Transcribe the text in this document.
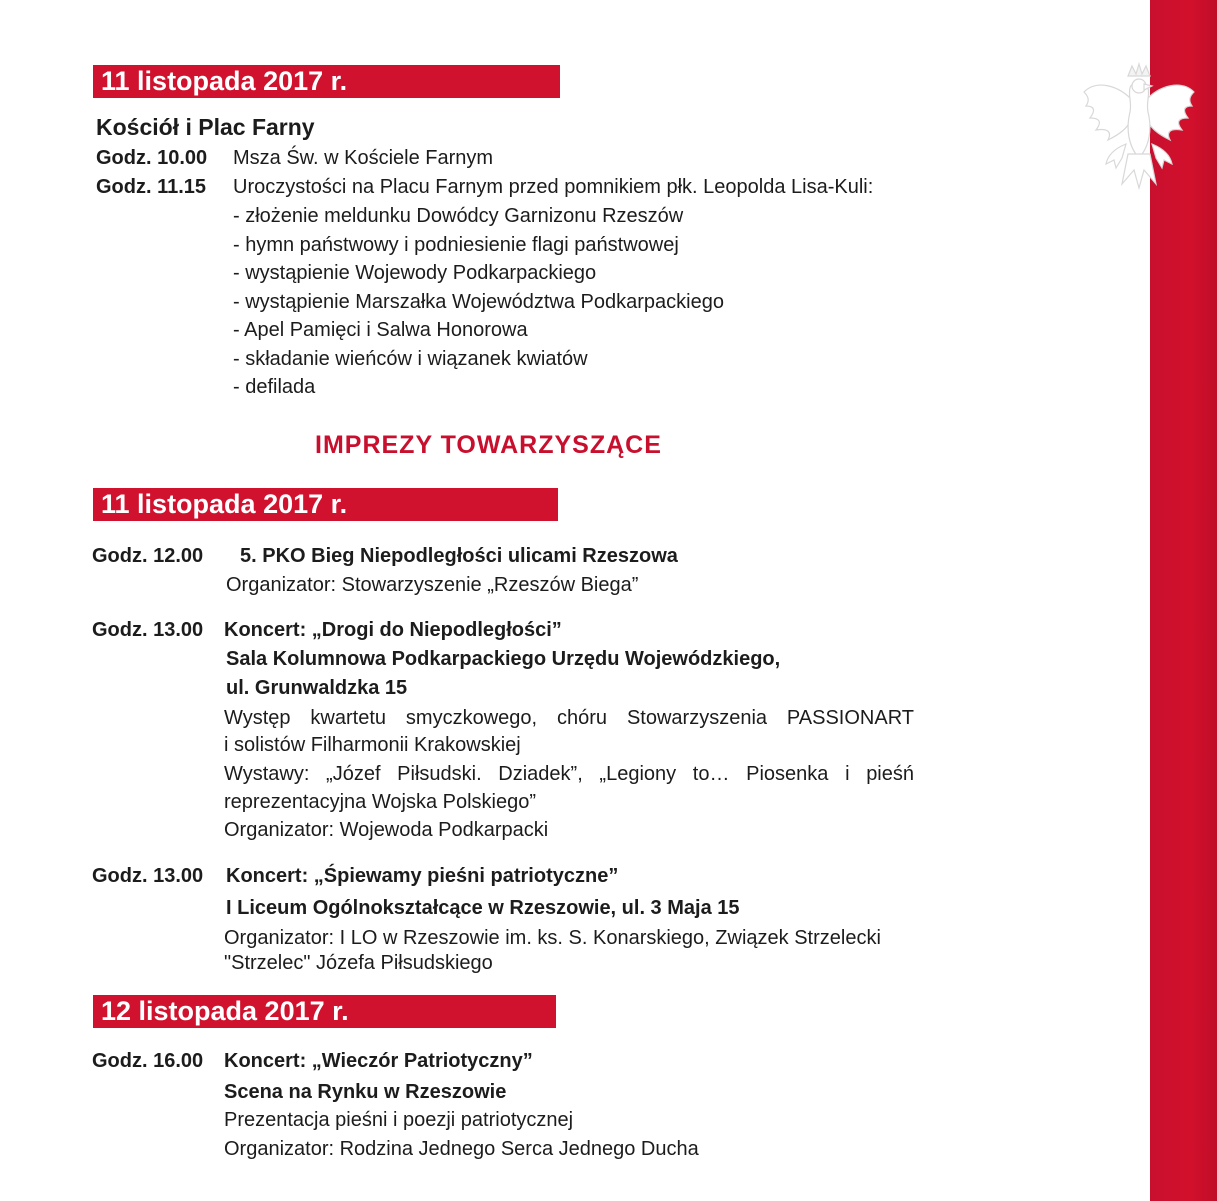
11 listopada 2017 r.
Kościół i Plac Farny
Godz. 10.00 Msza Św. w Kościele Farnym
Godz. 11.15 Uroczystości na Placu Farnym przed pomnikiem płk. Leopolda Lisa-Kuli:
- złożenie meldunku Dowódcy Garnizonu Rzeszów
- hymn państwowy i podniesienie flagi państwowej
- wystąpienie Wojewody Podkarpackiego
- wystąpienie Marszałka Województwa Podkarpackiego
- Apel Pamięci i Salwa Honorowa
- składanie wieńców i wiązanek kwiatów
- defilada
IMPREZY TOWARZYSZĄCE
11 listopada 2017 r.
Godz. 12.00 5. PKO Bieg Niepodległości ulicami Rzeszowa
Organizator: Stowarzyszenie „Rzeszów Biega”
Godz. 13.00 Koncert: „Drogi do Niepodległości”
Sala Kolumnowa Podkarpackiego Urzędu Wojewódzkiego,
ul. Grunwaldzka 15
Występ kwartetu smyczkowego, chóru Stowarzyszenia PASSIONART
i solistów Filharmonii Krakowskiej
Wystawy: „Józef Piłsudski. Dziadek”, „Legiony to… Piosenka i pieśń
reprezentacyjna Wojska Polskiego”
Organizator: Wojewoda Podkarpacki
Godz. 13.00 Koncert: „Śpiewamy pieśni patriotyczne”
I Liceum Ogólnokształcące w Rzeszowie, ul. 3 Maja 15
Organizator: I LO w Rzeszowie im. ks. S. Konarskiego, Związek Strzelecki
"Strzelec" Józefa Piłsudskiego
12 listopada 2017 r.
Godz. 16.00 Koncert: „Wieczór Patriotyczny”
Scena na Rynku w Rzeszowie
Prezentacja pieśni i poezji patriotycznej
Organizator: Rodzina Jednego Serca Jednego Ducha
